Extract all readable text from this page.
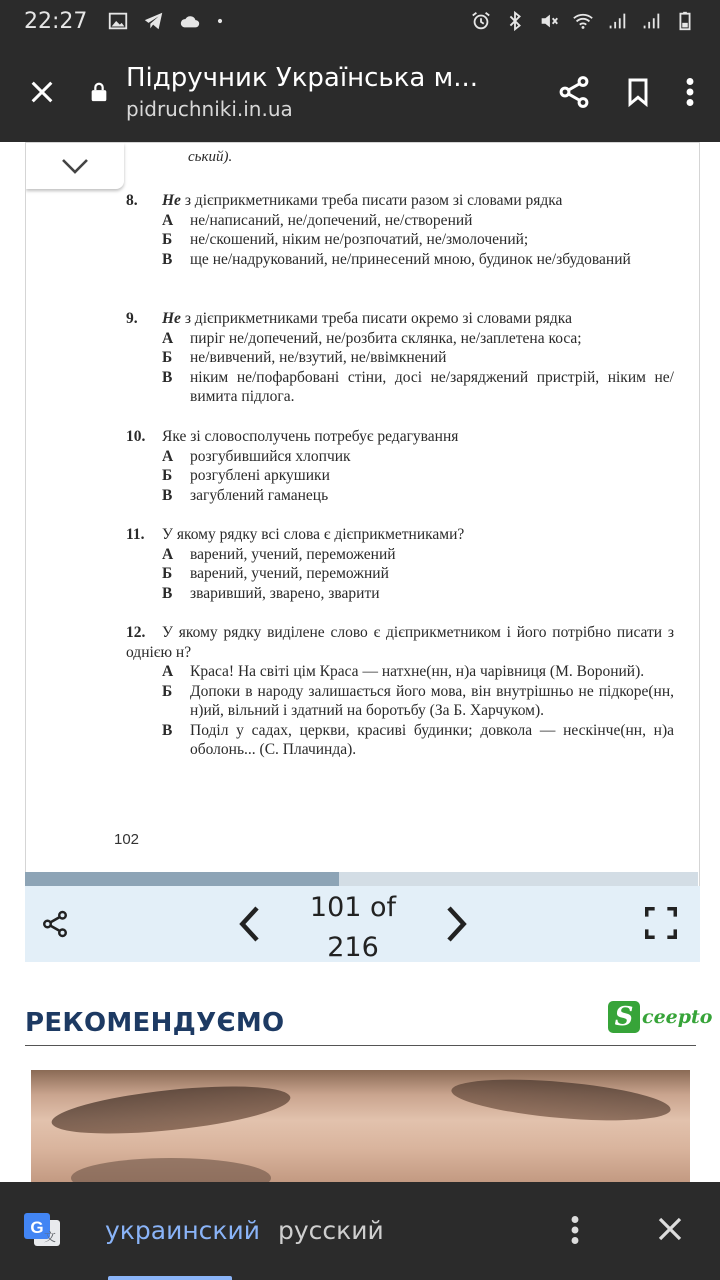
22:27
Підручник Українська м...
pidruchniki.in.ua
ський).
8. Не з дієприкметниками треба писати разом зі словами рядка
А	не/написаний, не/допечений, не/створений
Б	не/скошений, ніким не/розпочатий, не/змолочений;
В	ще не/надрукований, не/принесений мною, будинок не/збудований
9. Не з дієприкметниками треба писати окремо зі словами рядка
А	пиріг не/допечений, не/розбита склянка, не/заплетена коса;
Б	не/вивчений, не/взутий, не/ввімкнений
В	ніким не/пофарбовані стіни, досі не/заряджений пристрій, ніким не/вимита підлога.
10. Яке зі словосполучень потребує редагування
А	розгубившийся хлопчик
Б	розгублені аркушики
В	загублений гаманець
11. У якому рядку всі слова є дієприкметниками?
А	варений, учений, переможений
Б	варений, учений, переможний
В	зваривший, зварено, зварити
12. У якому рядку виділене слово є дієприкметником і його потрібно писати з однією н?
А	Краса! На світі цім Краса — натхне(нн, н)а чарівниця (М. Вороний).
Б	Допоки в народу залишається його мова, він внутрішньо не підкоре(нн, н)ий, вільний і здатний на боротьбу (За Б. Харчуком).
В	Поділ у садах, церкви, красиві будинки; довкола — нескінче(нн, н)а оболонь... (С. Плачинда).
102
101 of
216
РЕКОМЕНДУЄМО	S ceepto
G 文 украинский русский
